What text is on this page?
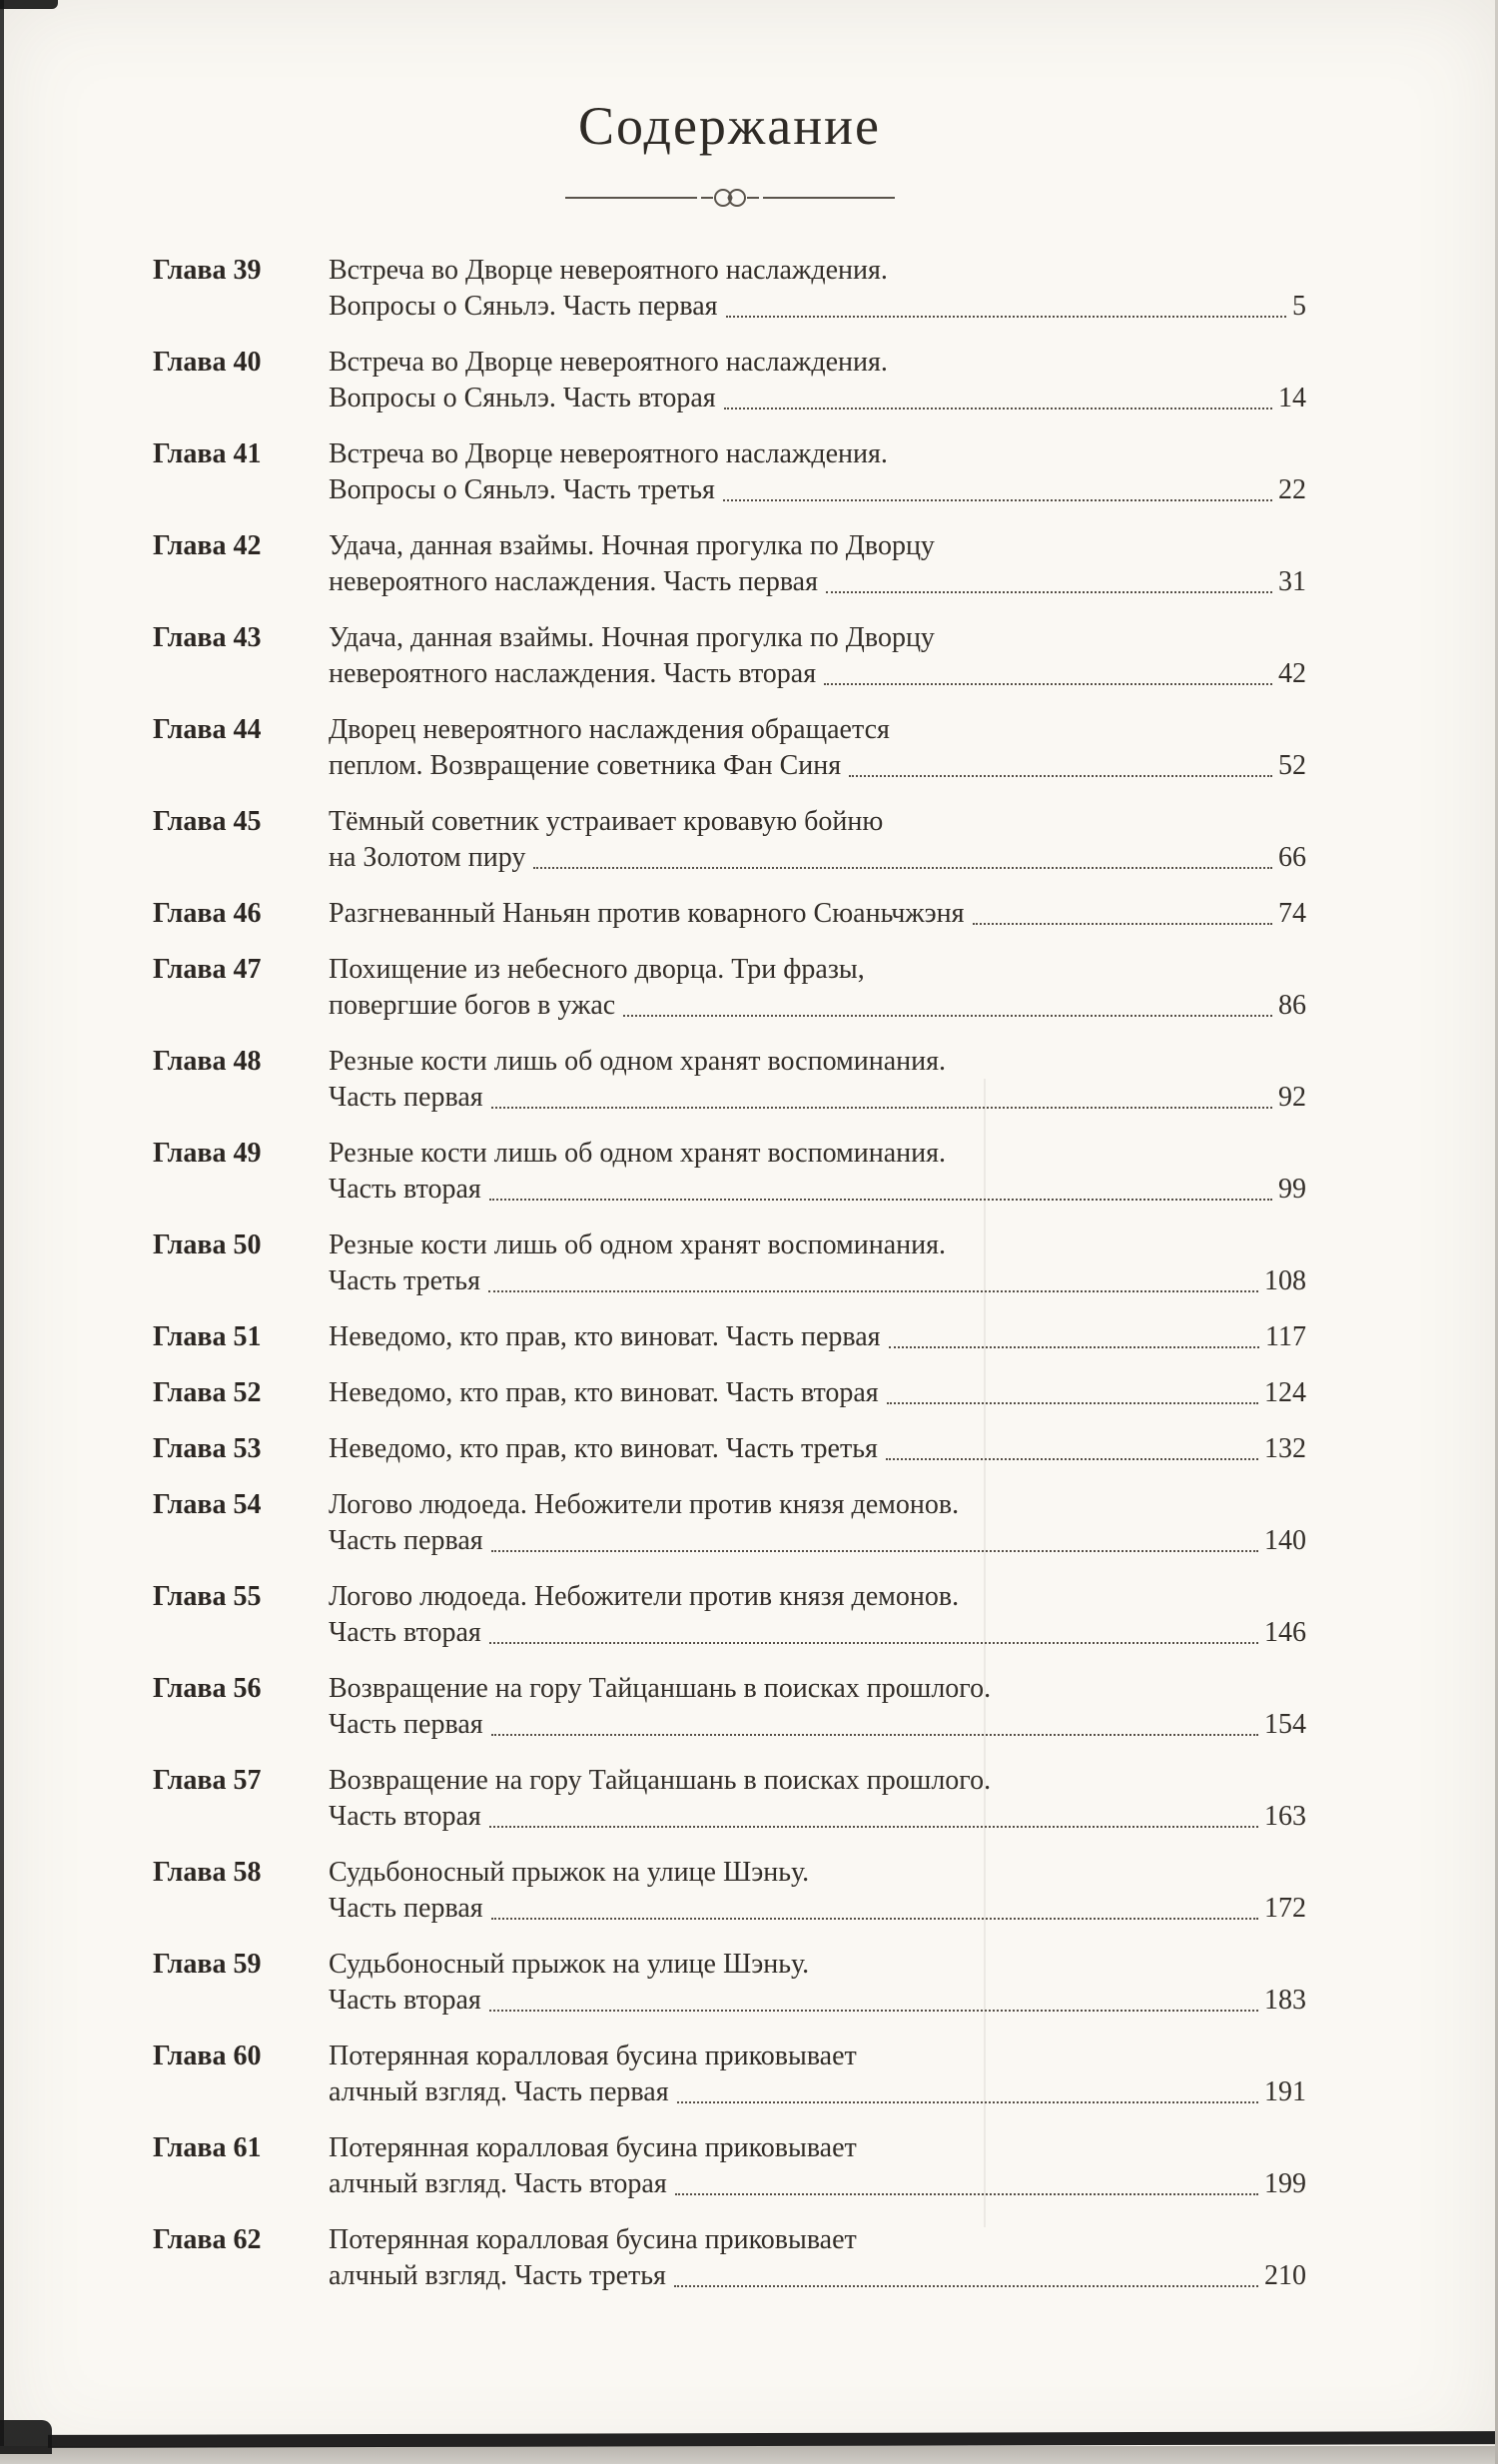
Содержание
Глава 39	Встреча во Дворце невероятного наслаждения.
Вопросы о Сяньлэ. Часть первая	5
Глава 40	Встреча во Дворце невероятного наслаждения.
Вопросы о Сяньлэ. Часть вторая	14
Глава 41	Встреча во Дворце невероятного наслаждения.
Вопросы о Сяньлэ. Часть третья	22
Глава 42	Удача, данная взаймы. Ночная прогулка по Дворцу
невероятного наслаждения. Часть первая	31
Глава 43	Удача, данная взаймы. Ночная прогулка по Дворцу
невероятного наслаждения. Часть вторая	42
Глава 44	Дворец невероятного наслаждения обращается
пеплом. Возвращение советника Фан Синя	52
Глава 45	Тёмный советник устраивает кровавую бойню
на Золотом пиру	66
Глава 46	Разгневанный Наньян против коварного Сюаньчжэня	74
Глава 47	Похищение из небесного дворца. Три фразы,
повергшие богов в ужас	86
Глава 48	Резные кости лишь об одном хранят воспоминания.
Часть первая	92
Глава 49	Резные кости лишь об одном хранят воспоминания.
Часть вторая	99
Глава 50	Резные кости лишь об одном хранят воспоминания.
Часть третья	108
Глава 51	Неведомо, кто прав, кто виноват. Часть первая	117
Глава 52	Неведомо, кто прав, кто виноват. Часть вторая	124
Глава 53	Неведомо, кто прав, кто виноват. Часть третья	132
Глава 54	Логово людоеда. Небожители против князя демонов.
Часть первая	140
Глава 55	Логово людоеда. Небожители против князя демонов.
Часть вторая	146
Глава 56	Возвращение на гору Тайцаншань в поисках прошлого.
Часть первая	154
Глава 57	Возвращение на гору Тайцаншань в поисках прошлого.
Часть вторая	163
Глава 58	Судьбоносный прыжок на улице Шэньу.
Часть первая	172
Глава 59	Судьбоносный прыжок на улице Шэньу.
Часть вторая	183
Глава 60	Потерянная коралловая бусина приковывает
алчный взгляд. Часть первая	191
Глава 61	Потерянная коралловая бусина приковывает
алчный взгляд. Часть вторая	199
Глава 62	Потерянная коралловая бусина приковывает
алчный взгляд. Часть третья	210
